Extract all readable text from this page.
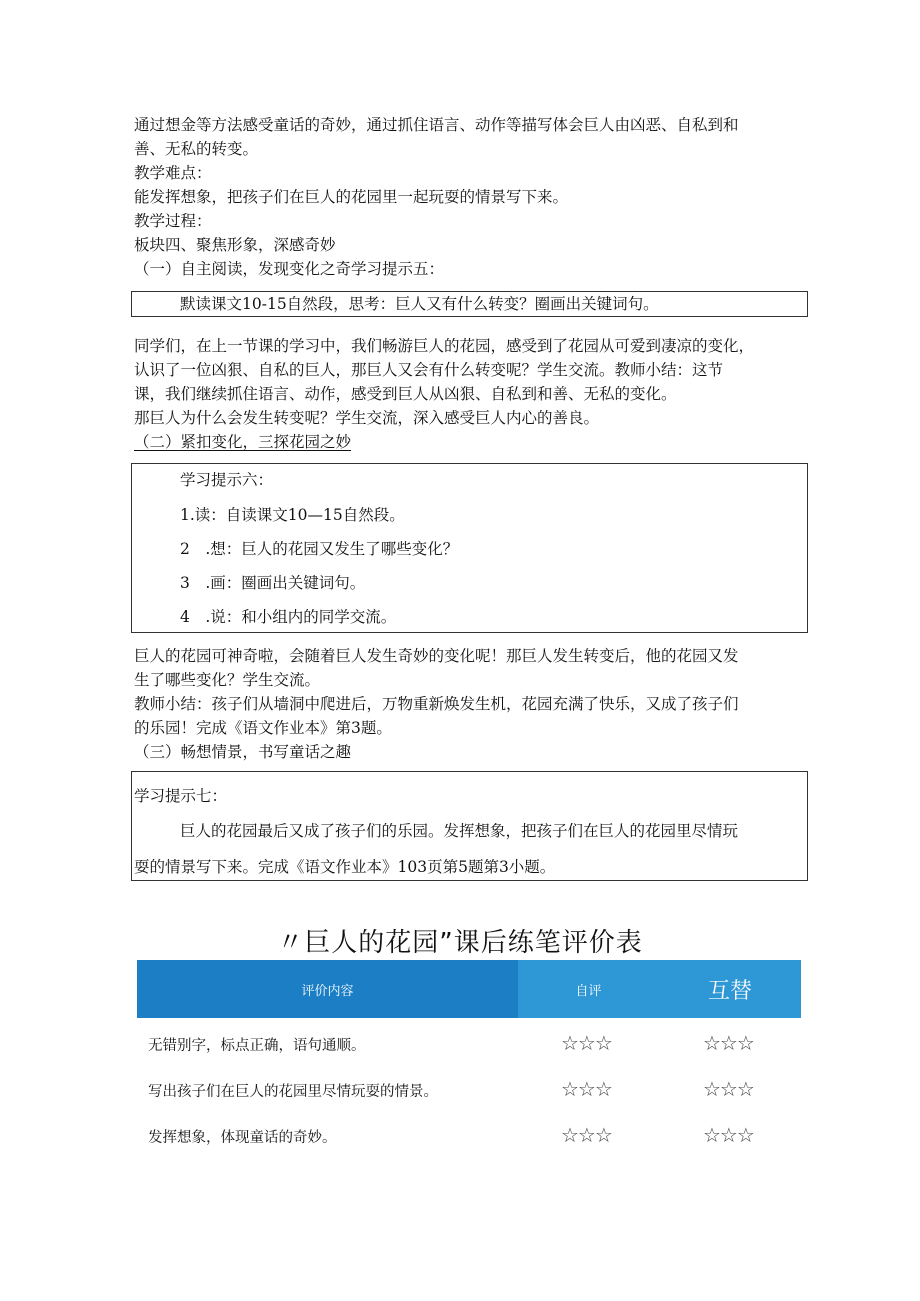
通过想金等方法感受童话的奇妙，通过抓住语言、动作等描写体会巨人由凶恶、自私到和
善、无私的转变。
教学难点：
能发挥想象，把孩子们在巨人的花园里一起玩耍的情景写下来。
教学过程：
板块四、聚焦形象，深感奇妙
（一）自主阅读，发现变化之奇学习提示五：
默读课文10-15自然段，思考：巨人又有什么转变？圈画出关键词句。
同学们，在上一节课的学习中，我们畅游巨人的花园，感受到了花园从可爱到凄凉的变化，
认识了一位凶狠、自私的巨人，那巨人又会有什么转变呢？学生交流。教师小结：这节
课，我们继续抓住语言、动作，感受到巨人从凶狠、自私到和善、无私的变化。
那巨人为什么会发生转变呢？学生交流，深入感受巨人内心的善良。
（二）紧扣变化，三探花园之妙
学习提示六：
1.读：自读课文10—15自然段。
2　.想：巨人的花园又发生了哪些变化？
3　.画：圈画出关键词句。
4　.说：和小组内的同学交流。
巨人的花园可神奇啦，会随着巨人发生奇妙的变化呢！那巨人发生转变后，他的花园又发
生了哪些变化？学生交流。
教师小结：孩子们从墙洞中爬进后，万物重新焕发生机，花园充满了快乐，又成了孩子们
的乐园！完成《语文作业本》第3题。
（三）畅想情景，书写童话之趣
学习提示七：
巨人的花园最后又成了孩子们的乐园。发挥想象，把孩子们在巨人的花园里尽情玩
耍的情景写下来。完成《语文作业本》103页第5题第3小题。
〃巨人的花园”课后练笔评价表
评价内容	自评	互替
无错别字，标点正确，语句通顺。	☆☆☆	☆☆☆
写出孩子们在巨人的花园里尽情玩耍的情景。	☆☆☆	☆☆☆
发挥想象，体现童话的奇妙。	☆☆☆	☆☆☆
